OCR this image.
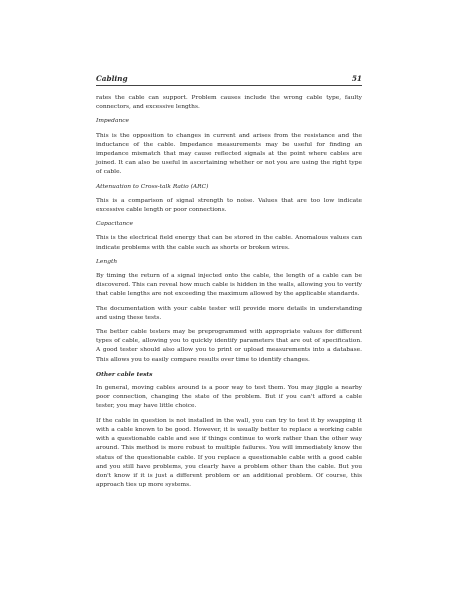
Cabling	51

rates the cable can support. Problem causes include the wrong cable type, faulty connectors, and excessive lengths.

Impedance

This is the opposition to changes in current and arises from the resistance and the inductance of the cable. Impedance measurements may be useful for finding an impedance mismatch that may cause reflected signals at the point where cables are joined. It can also be useful in ascertaining whether or not you are using the right type of cable.

Attenuation to Cross-talk Ratio (ARC)

This is a comparison of signal strength to noise. Values that are too low indicate excessive cable length or poor connections.

Capacitance

This is the electrical field energy that can be stored in the cable. Anomalous values can indicate problems with the cable such as shorts or broken wires.

Length

By timing the return of a signal injected onto the cable, the length of a cable can be discovered. This can reveal how much cable is hidden in the walls, allowing you to verify that cable lengths are not exceeding the maximum allowed by the applicable standards.

The documentation with your cable tester will provide more details in understanding and using these tests.

The better cable testers may be preprogrammed with appropriate values for different types of cable, allowing you to quickly identify parameters that are out of specification. A good tester should also allow you to print or upload measurements into a database. This allows you to easily compare results over time to identify changes.

Other cable tests

In general, moving cables around is a poor way to test them. You may jiggle a nearby poor connection, changing the state of the problem. But if you can't afford a cable tester, you may have little choice.

If the cable in question is not installed in the wall, you can try to test it by swapping it with a cable known to be good. However, it is usually better to replace a working cable with a questionable cable and see if things continue to work rather than the other way around. This method is more robust to multiple failures. You will immediately know the status of the questionable cable. If you replace a questionable cable with a good cable and you still have problems, you clearly have a problem other than the cable. But you don't know if it is just a different problem or an additional problem. Of course, this approach ties up more systems.
